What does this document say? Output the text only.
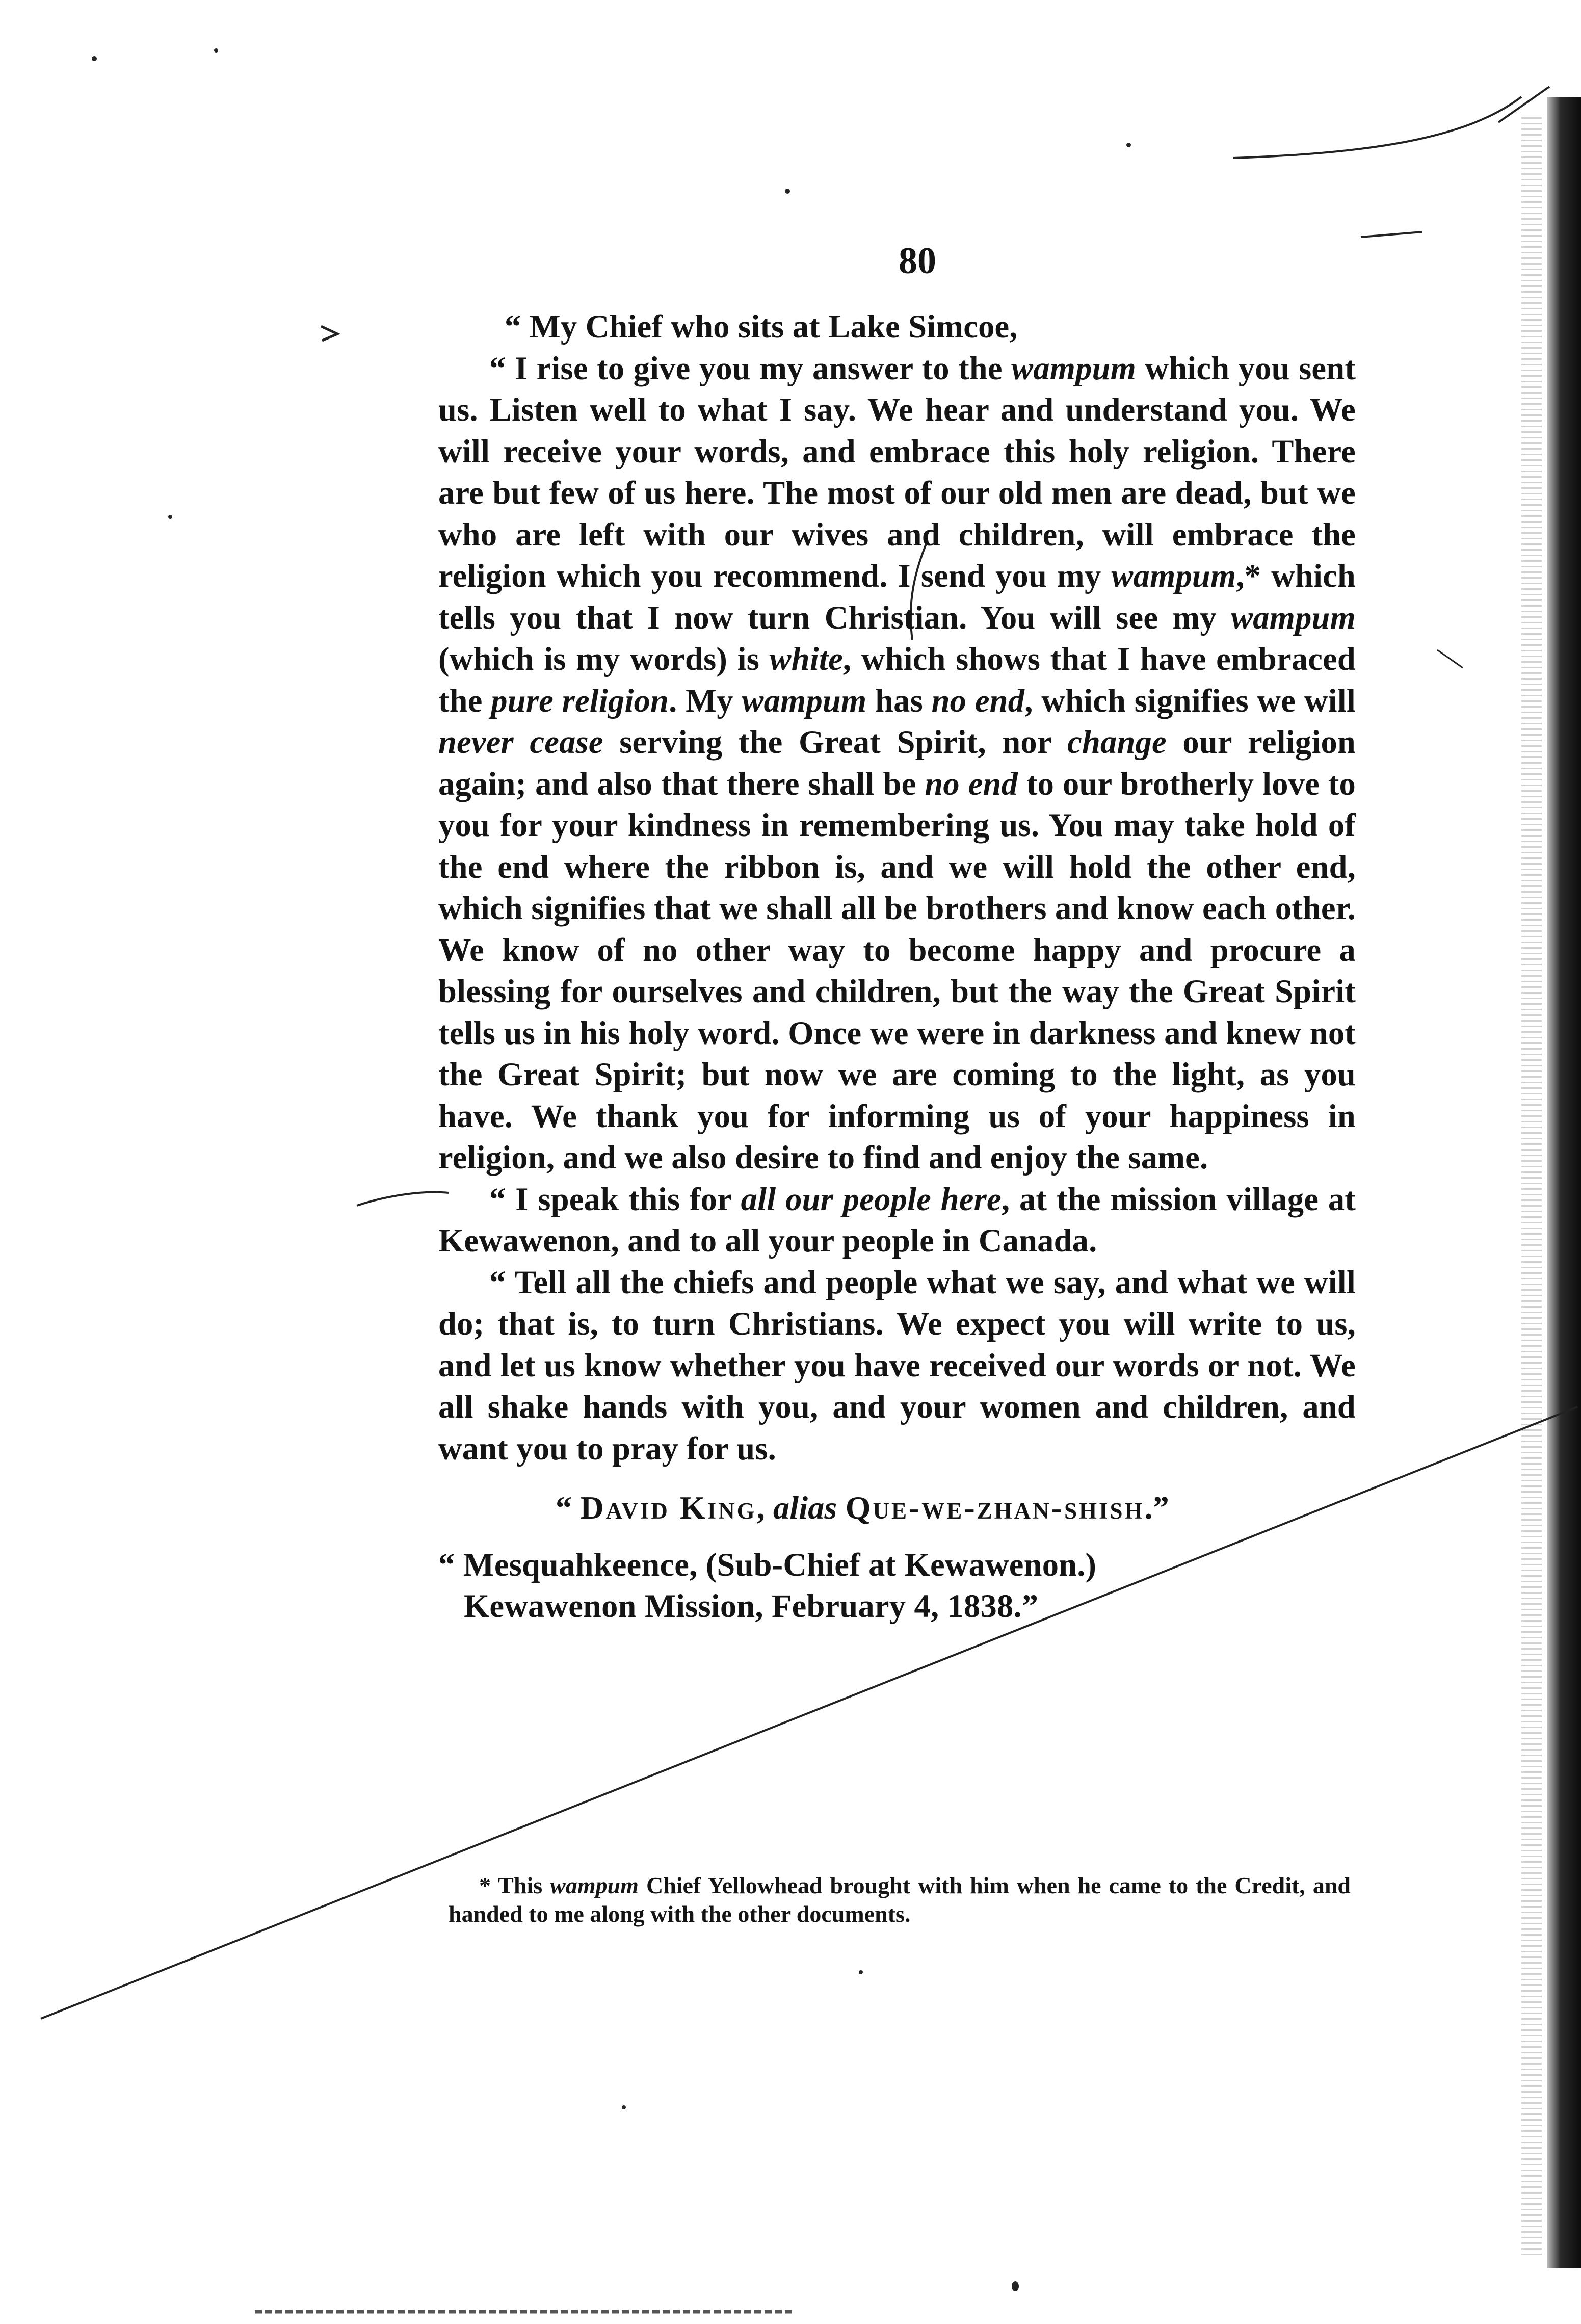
80

“ My Chief who sits at Lake Simcoe,

“ I rise to give you my answer to the wampum which you sent us. Listen well to what I say. We hear and understand you. We will receive your words, and embrace this holy religion. There are but few of us here. The most of our old men are dead, but we who are left with our wives and children, will embrace the religion which you recommend. I send you my wampum,* which tells you that I now turn Christian. You will see my wampum (which is my words) is white, which shows that I have embraced the pure religion. My wampum has no end, which signifies we will never cease serving the Great Spirit, nor change our religion again; and also that there shall be no end to our brotherly love to you for your kindness in remembering us. You may take hold of the end where the ribbon is, and we will hold the other end, which signifies that we shall all be brothers and know each other. We know of no other way to become happy and procure a blessing for ourselves and children, but the way the Great Spirit tells us in his holy word. Once we were in darkness and knew not the Great Spirit; but now we are coming to the light, as you have. We thank you for informing us of your happiness in religion, and we also desire to find and enjoy the same.

“ I speak this for all our people here, at the mission village at Kewawenon, and to all your people in Canada.

“ Tell all the chiefs and people what we say, and what we will do; that is, to turn Christians. We expect you will write to us, and let us know whether you have received our words or not. We all shake hands with you, and your women and children, and want you to pray for us.

“ David King, alias Que-we-zhan-shish.”

“ Mesquahkeence, (Sub-Chief at Kewawenon.)

Kewawenon Mission, February 4, 1838.”

* This wampum Chief Yellowhead brought with him when he came to the Credit, and handed to me along with the other documents.
